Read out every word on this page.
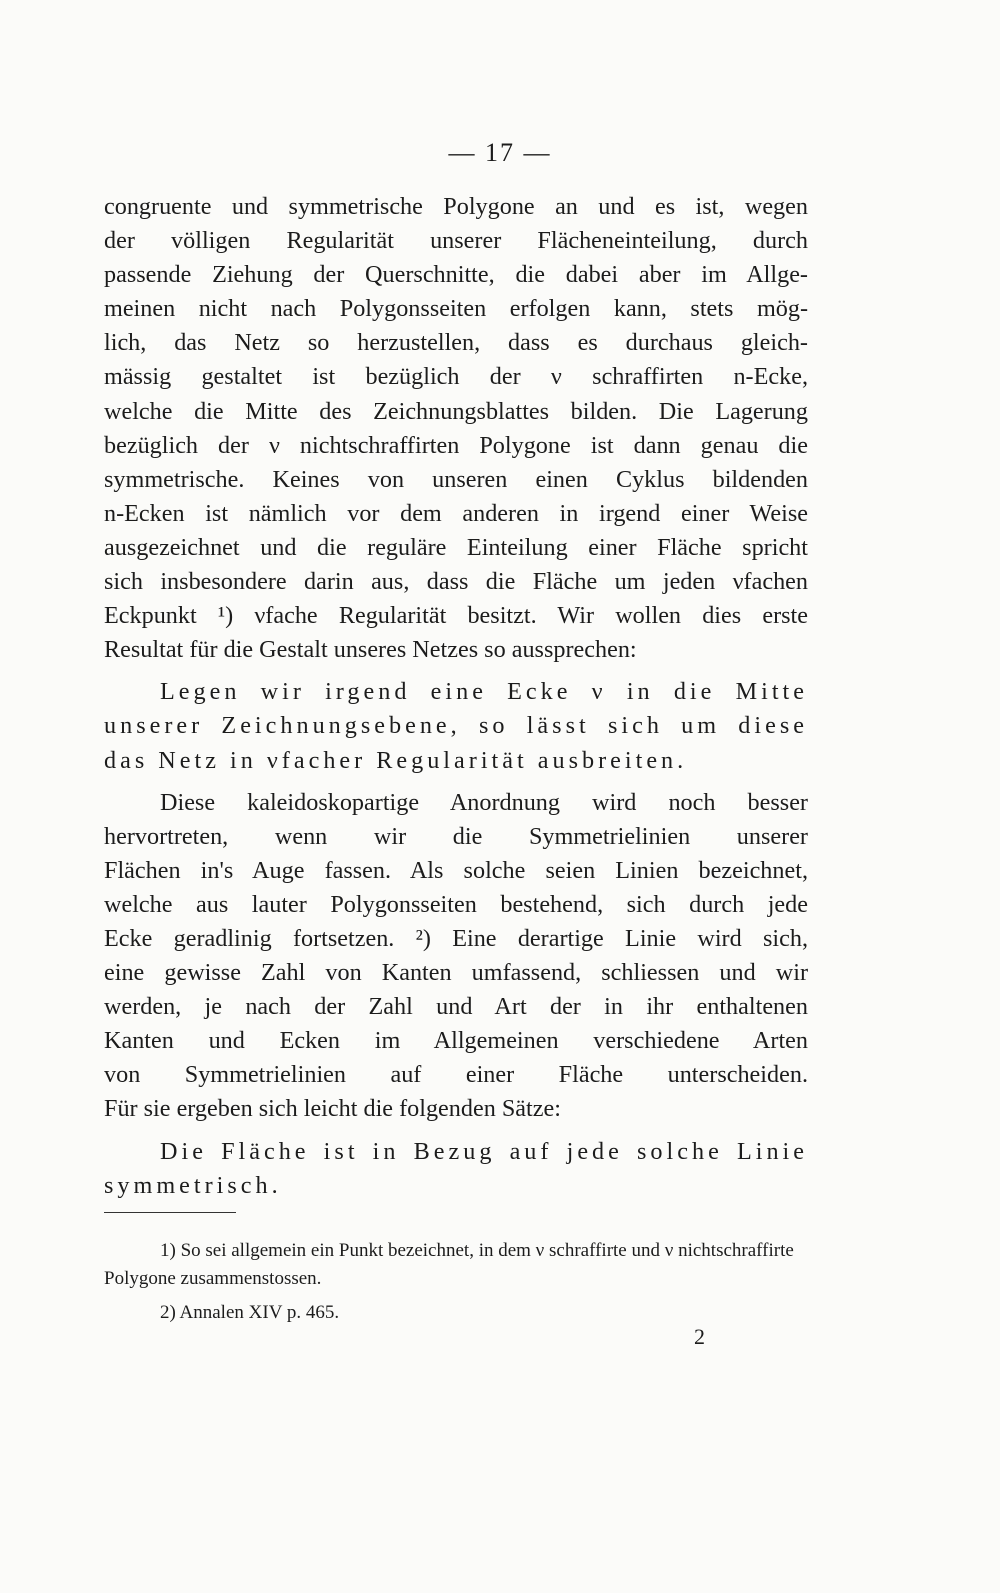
— 17 —
congruente und symmetrische Polygone an und es ist, wegen
der völligen Regularität unserer Flächeneinteilung, durch
passende Ziehung der Querschnitte, die dabei aber im Allge-
meinen nicht nach Polygonsseiten erfolgen kann, stets mög-
lich, das Netz so herzustellen, dass es durchaus gleich-
mässig gestaltet ist bezüglich der ν schraffirten n-Ecke,
welche die Mitte des Zeichnungsblattes bilden. Die Lagerung
bezüglich der ν nichtschraffirten Polygone ist dann genau die
symmetrische. Keines von unseren einen Cyklus bildenden
n-Ecken ist nämlich vor dem anderen in irgend einer Weise
ausgezeichnet und die reguläre Einteilung einer Fläche spricht
sich insbesondere darin aus, dass die Fläche um jeden νfachen
Eckpunkt ¹) νfache Regularität besitzt. Wir wollen dies erste
Resultat für die Gestalt unseres Netzes so aussprechen:
Legen wir irgend eine Ecke ν in die Mitte
unserer Zeichnungsebene, so lässt sich um diese
das Netz in νfacher Regularität ausbreiten.
Diese kaleidoskopartige Anordnung wird noch besser
hervortreten, wenn wir die Symmetrielinien unserer
Flächen in's Auge fassen. Als solche seien Linien bezeichnet,
welche aus lauter Polygonsseiten bestehend, sich durch jede
Ecke geradlinig fortsetzen. ²) Eine derartige Linie wird sich,
eine gewisse Zahl von Kanten umfassend, schliessen und wir
werden, je nach der Zahl und Art der in ihr enthaltenen
Kanten und Ecken im Allgemeinen verschiedene Arten
von Symmetrielinien auf einer Fläche unterscheiden.
Für sie ergeben sich leicht die folgenden Sätze:
Die Fläche ist in Bezug auf jede solche Linie
symmetrisch.

1) So sei allgemein ein Punkt bezeichnet, in dem ν schraffirte und ν nichtschraffirte Polygone zusammenstossen.

2) Annalen XIV p. 465.

2
